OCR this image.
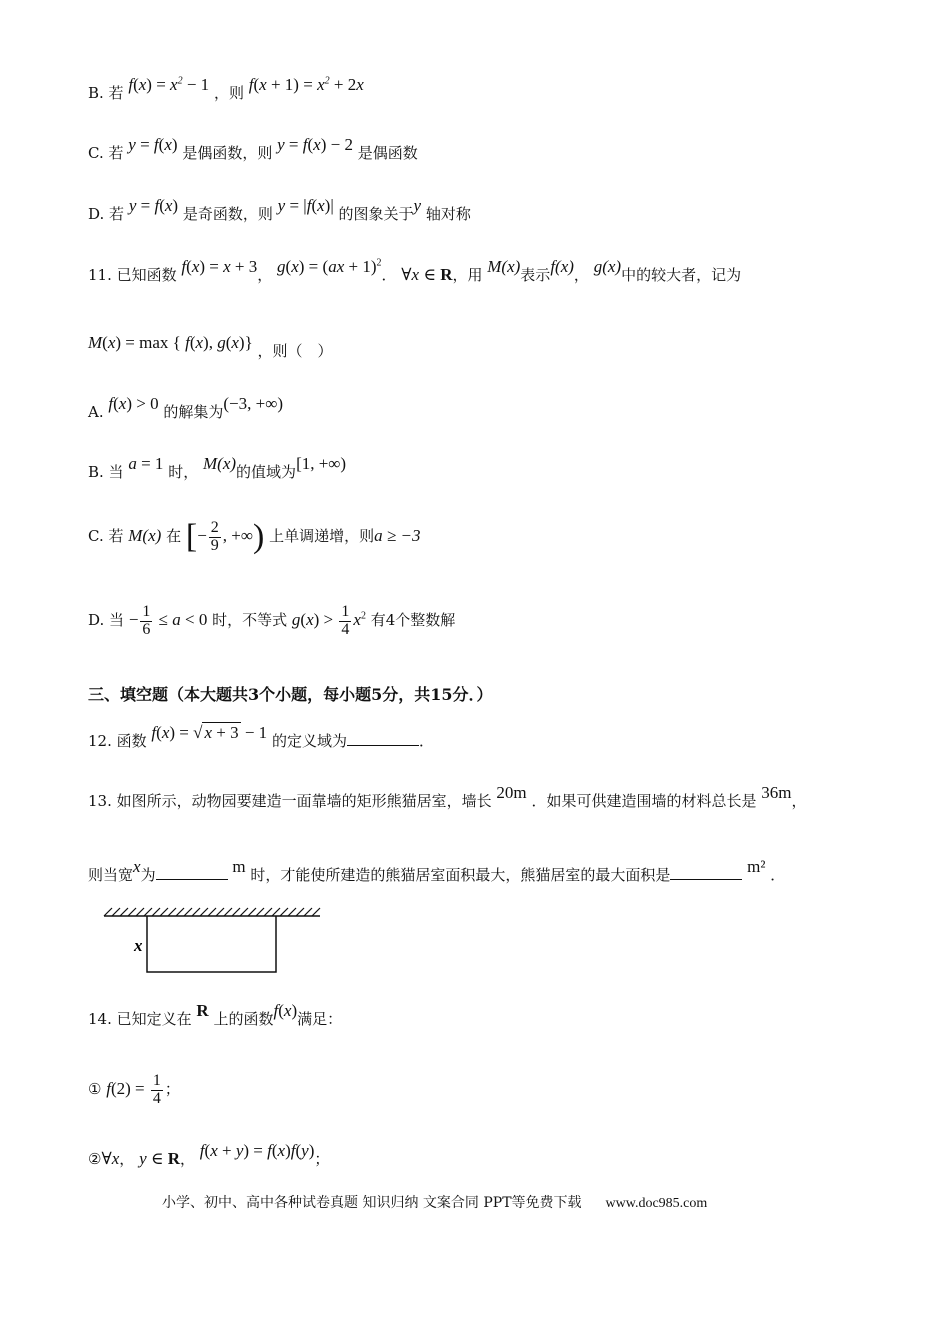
B. 若 $f(x) = x^2 - 1$ ，则 $f(x + 1) = x^2 + 2x$
C. 若 y = f(x) 是偶函数，则 y = f(x) − 2 是偶函数
D. 若 y = f(x) 是奇函数，则 y = |f(x)| 的图象关于y 轴对称
11. 已知函数 f(x) = x + 3， g(x) = (ax + 1)$^2$． ∀x ∈ R，用 M(x)表示f(x)， g(x)中的较大者，记为
M(x) = max { f(x), g(x)} ，则（　）
A. f(x) > 0 的解集为(−3, +∞)
B. 当 a = 1 时， M(x)的值域为[1, +∞)
C. 若 M(x) 在 [− $\frac{2}{9}$ , +∞) 上单调递增，则a ≥ −3
D. 当 − $\frac{1}{6} \le a < 0$ 时，不等式 $g(x) > \frac{1}{4} x^2$ 有4个整数解
三、填空题（本大题共3个小题，每小题5分，共15分．）
12. 函数 f(x) = √ x + 3 − 1 的定义域为	．
13. 如图所示，动物园要建造一面靠墙的矩形熊猫居室，墙长 20m ．如果可供建造围墙的材料总长是 36m，
则当宽x为	m 时，才能使所建造的熊猫居室面积最大，熊猫居室的最大面积是	m² ．
x
14. 已知定义在 R 上的函数f(x)满足：
① $f(2) = \frac{1}{4}$ ；
②∀x， y ∈ R， f(x + y) = f(x)f(y)；
小学、初中、高中各种试卷真题 知识归纳 文案合同 PPT等免费下载 www.doc985.com
